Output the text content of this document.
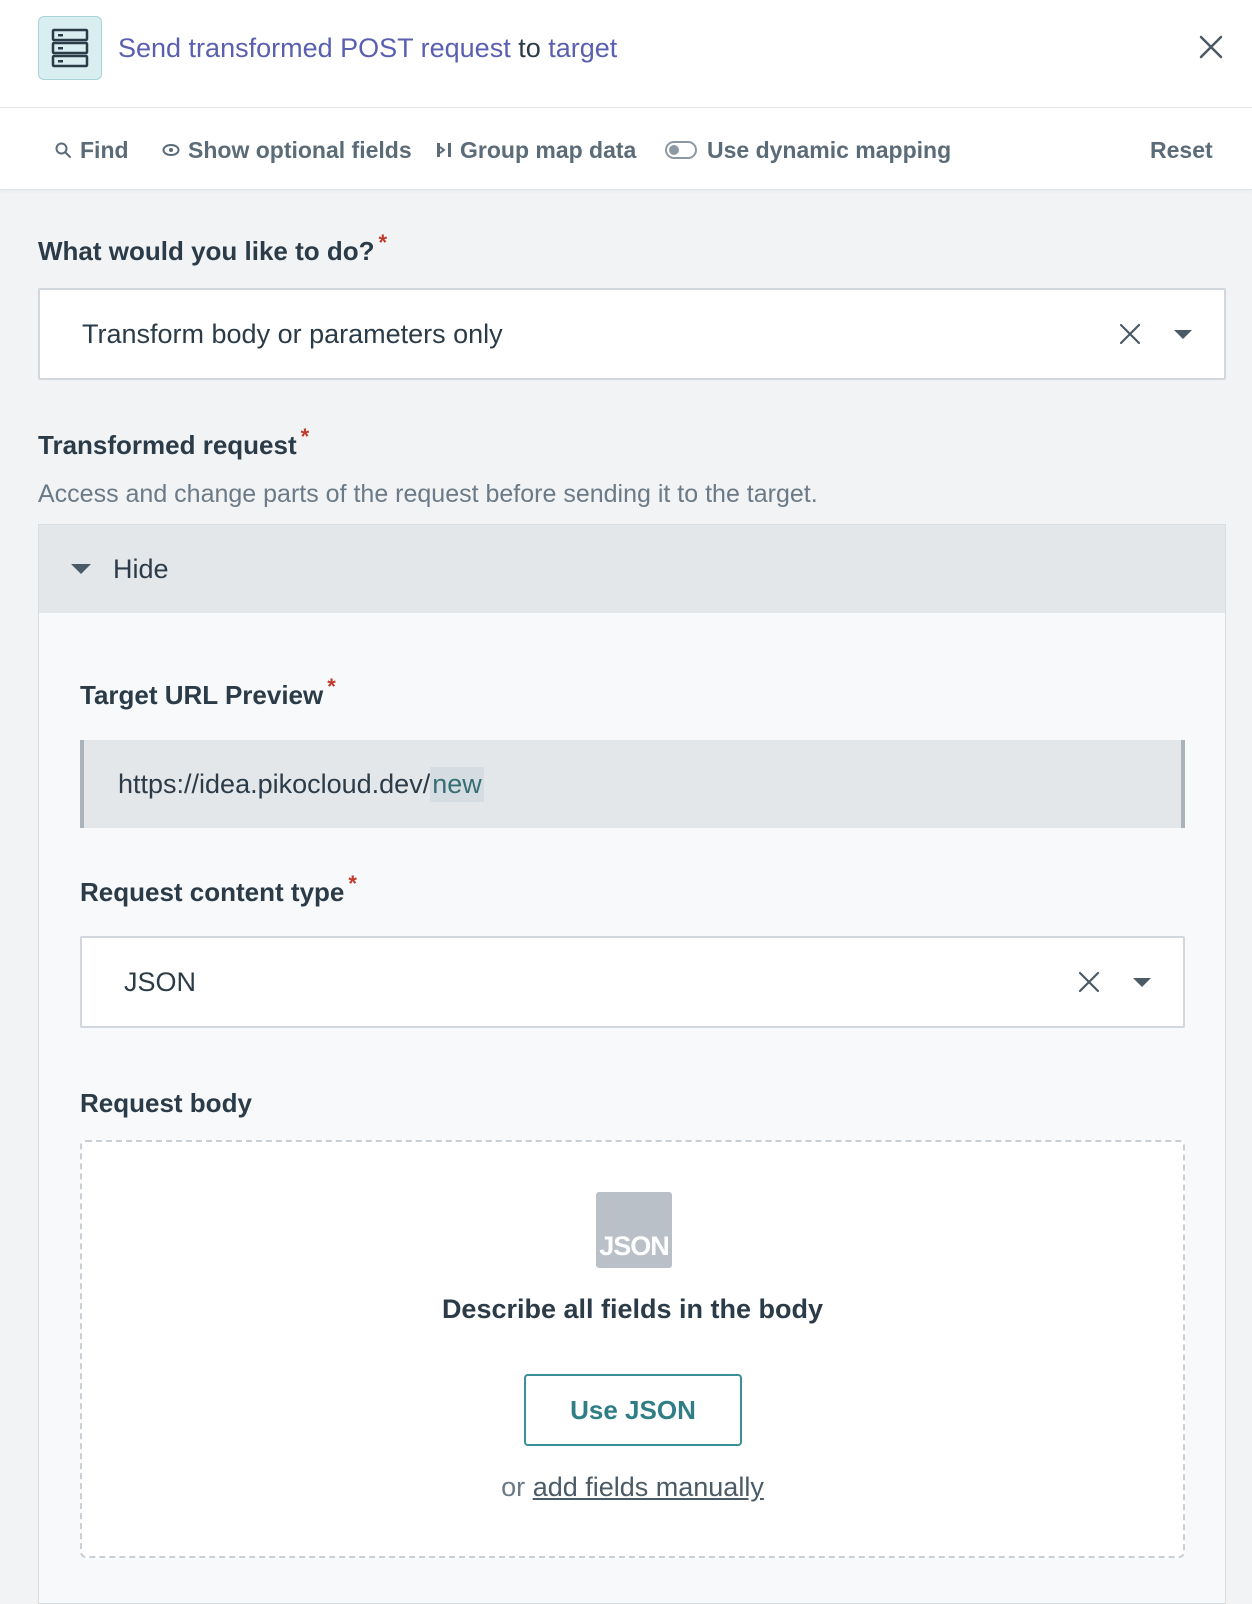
Send transformed POST request to target
Find	Show optional fields Group map data	Use dynamic mapping	Reset
What would you like to do? *
Transform body or parameters only
Transformed request *
Access and change parts of the request before sending it to the target.
Hide
Target URL Preview *
https://idea.pikocloud.dev/ new
Request content type *
JSON
Request body
JSON
Describe all fields in the body
Use JSON
or add fields manually
